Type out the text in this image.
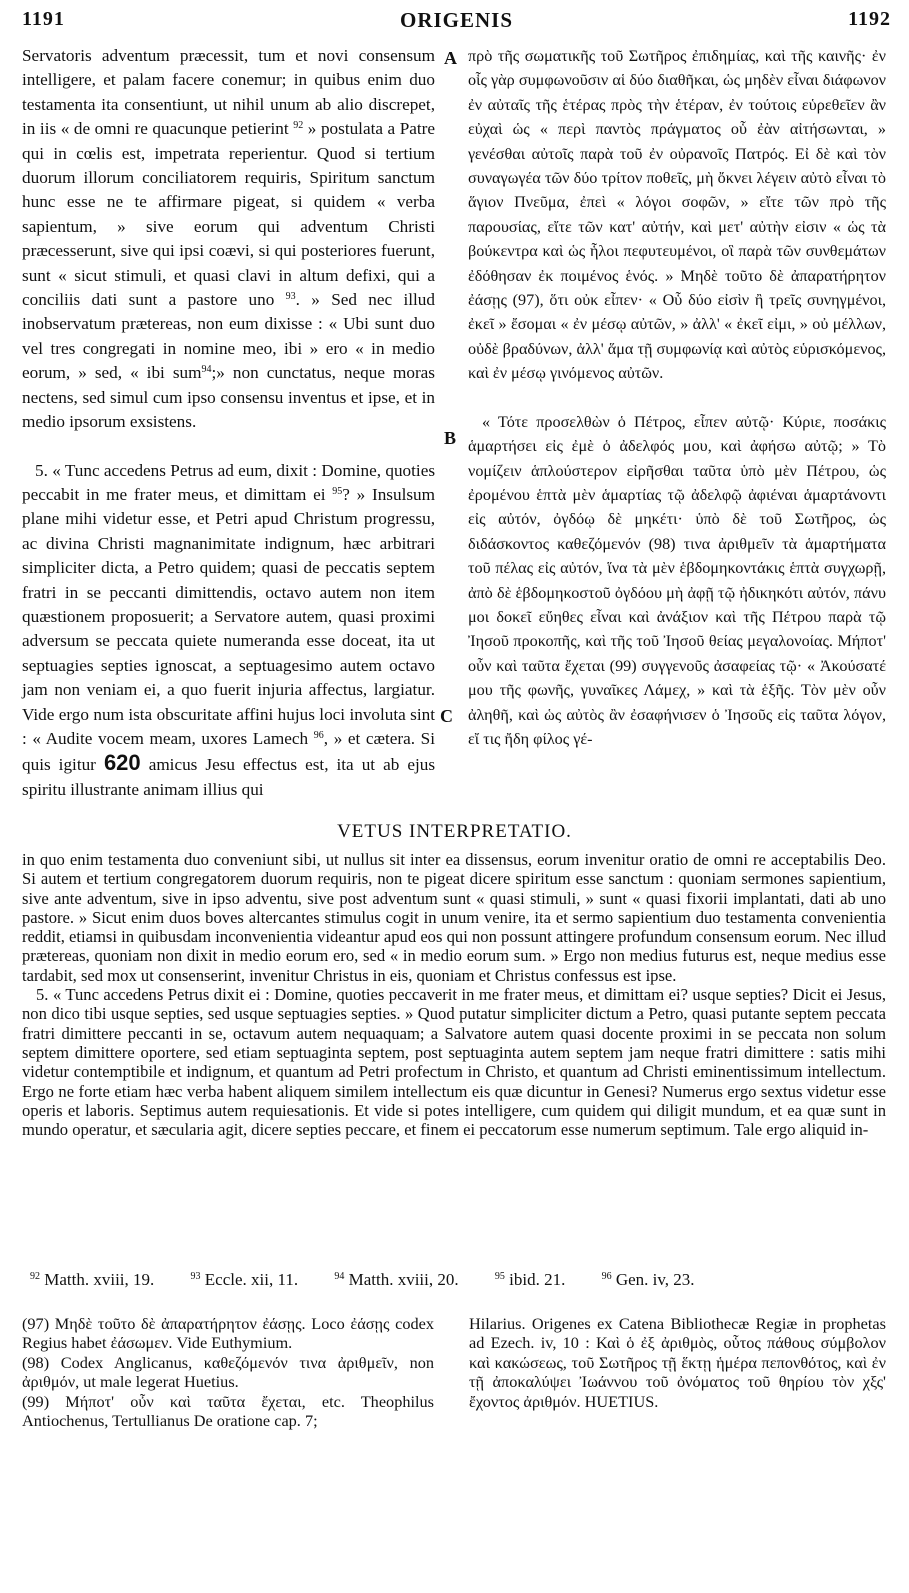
1191	ORIGENIS	1192

Servatoris adventum præcessit, tum et novi consensum intelligere, et palam facere conemur; in quibus enim duo testamenta ita consentiunt, ut nihil unum ab alio discrepet, in iis « de omni re quacunque petierint $^{92}$ » postulata a Patre qui in cœlis est, impetrata reperientur. Quod si tertium duorum illorum conciliatorem requiris, Spiritum sanctum hunc esse ne te affirmare pigeat, si quidem « verba sapientum, » sive eorum qui adventum Christi præcesserunt, sive qui ipsi coævi, si qui posteriores fuerunt, sunt « sicut stimuli, et quasi clavi in altum defixi, qui a conciliis dati sunt a pastore uno $^{93}$. » Sed nec illud inobservatum prætereas, non eum dixisse : « Ubi sunt duo vel tres congregati in nomine meo, ibi » ero « in medio eorum, » sed, « ibi sum$^{94}$;» non cunctatus, neque moras nectens, sed simul cum ipso consensu inventus et ipse, et in medio ipsorum exsistens.

5. « Tunc accedens Petrus ad eum, dixit : Domine, quoties peccabit in me frater meus, et dimittam ei $^{95}$? » Insulsum plane mihi videtur esse, et Petri apud Christum progressu, ac divina Christi magnanimitate indignum, hæc arbitrari simpliciter dicta, a Petro quidem; quasi de peccatis septem fratri in se peccanti dimittendis, octavo autem non item quæstionem proposuerit; a Servatore autem, quasi proximi adversum se peccata quiete numeranda esse doceat, ita ut septuagies septies ignoscat, a septuagesimo autem octavo jam non veniam ei, a quo fuerit injuria affectus, largiatur. Vide ergo num ista obscuritate affini hujus loci involuta sint : « Audite vocem meam, uxores Lamech $^{96}$, » et cætera. Si quis igitur 620 amicus Jesu effectus est, ita ut ab ejus spiritu illustrante animam illius qui

A
B
C

πρὸ τῆς σωματικῆς τοῦ Σωτῆρος ἐπιδημίας, καὶ τῆς καινῆς· ἐν οἷς γὰρ συμφωνοῦσιν αἱ δύο διαθῆκαι, ὡς μηδὲν εἶναι διάφωνον ἐν αὐταῖς τῆς ἑτέρας πρὸς τὴν ἑτέραν, ἐν τούτοις εὑρεθεῖεν ἂν εὐχαὶ ὡς « περὶ παντὸς πράγματος οὗ ἐὰν αἰτήσωνται, » γενέσθαι αὐτοῖς παρὰ τοῦ ἐν οὐρανοῖς Πατρός. Εἰ δὲ καὶ τὸν συναγωγέα τῶν δύο τρίτον ποθεῖς, μὴ ὄκνει λέγειν αὐτὸ εἶναι τὸ ἅγιον Πνεῦμα, ἐπεὶ « λόγοι σοφῶν, » εἴτε τῶν πρὸ τῆς παρουσίας, εἴτε τῶν κατ' αὐτήν, καὶ μετ' αὐτὴν εἰσιν « ὡς τὰ βούκεντρα καὶ ὡς ἧλοι πεφυτευμένοι, οἳ παρὰ τῶν συνθεμάτων ἐδόθησαν ἐκ ποιμένος ἑνός. » Μηδὲ τοῦτο δὲ ἀπαρατήρητον ἐάσῃς (97), ὅτι οὐκ εἶπεν· « Οὗ δύο εἰσὶν ἢ τρεῖς συνηγμένοι, ἐκεῖ » ἔσομαι « ἐν μέσῳ αὐτῶν, » ἀλλ' « ἐκεῖ εἰμι, » οὐ μέλλων, οὐδὲ βραδύνων, ἀλλ' ἅμα τῇ συμφωνίᾳ καὶ αὐτὸς εὑρισκόμενος, καὶ ἐν μέσῳ γινόμενος αὐτῶν.

« Τότε προσελθὼν ὁ Πέτρος, εἶπεν αὐτῷ· Κύριε, ποσάκις ἁμαρτήσει εἰς ἐμὲ ὁ ἀδελφός μου, καὶ ἀφήσω αὐτῷ; » Τὸ νομίζειν ἁπλούστερον εἰρῆσθαι ταῦτα ὑπὸ μὲν Πέτρου, ὡς ἐρομένου ἑπτὰ μὲν ἁμαρτίας τῷ ἀδελφῷ ἀφιέναι ἁμαρτάνοντι εἰς αὐτόν, ὀγδόῳ δὲ μηκέτι· ὑπὸ δὲ τοῦ Σωτῆρος, ὡς διδάσκοντος καθεζόμενόν (98) τινα ἀριθμεῖν τὰ ἁμαρτήματα τοῦ πέλας εἰς αὐτόν, ἵνα τὰ μὲν ἑβδομηκοντάκις ἑπτὰ συγχωρῇ, ἀπὸ δὲ ἑβδομηκοστοῦ ὀγδόου μὴ ἀφῇ τῷ ἠδικηκότι αὐτόν, πάνυ μοι δοκεῖ εὔηθες εἶναι καὶ ἀνάξιον καὶ τῆς Πέτρου παρὰ τῷ Ἰησοῦ προκοπῆς, καὶ τῆς τοῦ Ἰησοῦ θείας μεγαλονοίας. Μήποτ' οὖν καὶ ταῦτα ἔχεται (99) συγγενοῦς ἀσαφείας τῷ· « Ἀκούσατέ μου τῆς φωνῆς, γυναῖκες Λάμεχ, » καὶ τὰ ἑξῆς. Τὸν μὲν οὖν ἀληθῆ, καὶ ὡς αὐτὸς ἂν ἐσαφήνισεν ὁ Ἰησοῦς εἰς ταῦτα λόγον, εἴ τις ἤδη φίλος γέ-

VETUS INTERPRETATIO.

in quo enim testamenta duo conveniunt sibi, ut nullus sit inter ea dissensus, eorum invenitur oratio de omni re acceptabilis Deo. Si autem et tertium congregatorem duorum requiris, non te pigeat dicere spiritum esse sanctum : quoniam sermones sapientium, sive ante adventum, sive in ipso adventu, sive post adventum sunt « quasi stimuli, » sunt « quasi fixorii implantati, dati ab uno pastore. » Sicut enim duos boves altercantes stimulus cogit in unum venire, ita et sermo sapientium duo testamenta convenientia reddit, etiamsi in quibusdam inconvenientia videantur apud eos qui non possunt attingere profundum consensum eorum. Nec illud prætereas, quoniam non dixit in medio eorum ero, sed « in medio eorum sum. » Ergo non medius futurus est, neque medius esse tardabit, sed mox ut consenserint, invenitur Christus in eis, quoniam et Christus confessus est ipse.

5. « Tunc accedens Petrus dixit ei : Domine, quoties peccaverit in me frater meus, et dimittam ei? usque septies? Dicit ei Jesus, non dico tibi usque septies, sed usque septuagies septies. » Quod putatur simpliciter dictum a Petro, quasi putante septem peccata fratri dimittere peccanti in se, octavum autem nequaquam; a Salvatore autem quasi docente proximi in se peccata non solum septem dimittere oportere, sed etiam septuaginta septem, post septuaginta autem septem jam neque fratri dimittere : satis mihi videtur contemptibile et indignum, et quantum ad Petri profectum in Christo, et quantum ad Christi eminentissimum intellectum. Ergo ne forte etiam hæc verba habent aliquem similem intellectum eis quæ dicuntur in Genesi? Numerus ergo sextus videtur esse operis et laboris. Septimus autem requiesationis. Et vide si potes intelligere, cum quidem qui diligit mundum, et ea quæ sunt in mundo operatur, et sæcularia agit, dicere septies peccare, et finem ei peccatorum esse numerum septimum. Tale ergo aliquid in-

$^{92}$ Matth. xviii, 19.	$^{93}$ Eccle. xii, 11.	$^{94}$ Matth. xviii, 20.	$^{95}$ ibid. 21.	$^{96}$ Gen. iv, 23.

(97) Μηδὲ τοῦτο δὲ ἀπαρατήρητον ἐάσῃς. Loco ἐάσῃς codex Regius habet ἐάσωμεν. Vide Euthymium.

(98) Codex Anglicanus, καθεζόμενόν τινα ἀριθμεῖν, non ἀριθμόν, ut male legerat Huetius.

(99) Μήποτ' οὖν καὶ ταῦτα ἔχεται, etc. Theophilus Antiochenus, Tertullianus De oratione cap. 7;

Hilarius. Origenes ex Catena Bibliothecæ Regiæ in prophetas ad Ezech. iv, 10 : Καὶ ὁ ἐξ ἀριθμὸς, οὗτος πάθους σύμβολον καὶ κακώσεως, τοῦ Σωτῆρος τῇ ἕκτῃ ἡμέρα πεπονθότος, καὶ ἐν τῇ ἀποκαλύψει Ἰωάννου τοῦ ὀνόματος τοῦ θηρίου τὸν χξς' ἔχοντος ἀριθμόν. HUETIUS.
